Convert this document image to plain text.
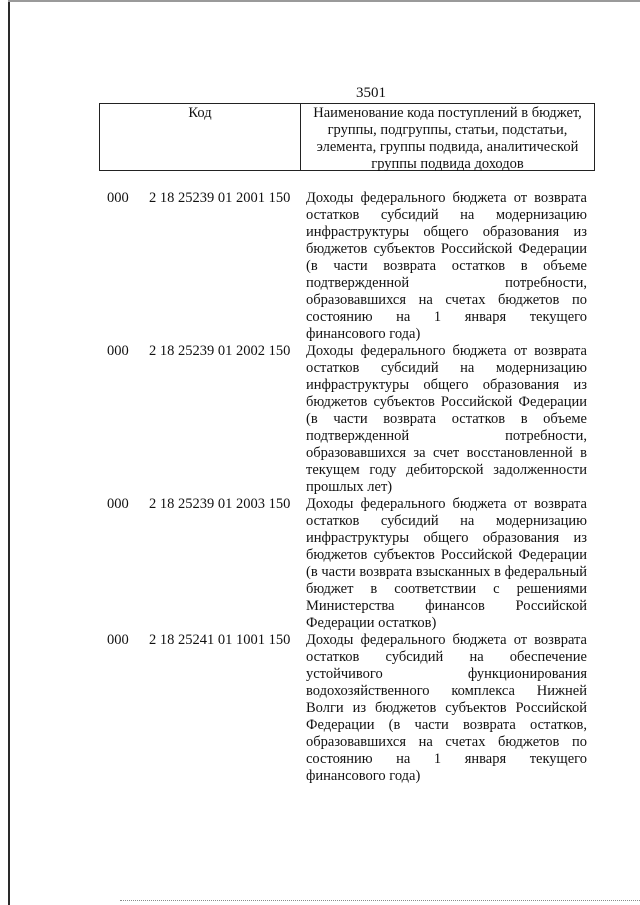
3501
Код	Наименование кода поступлений в бюджет, группы, подгруппы, статьи, подстатьи, элемента, группы подвида, аналитической группы подвида доходов
000	2 18 25239 01 2001 150	Доходы федерального бюджета от возврата остатков субсидий на модернизацию инфраструктуры общего образования из бюджетов субъектов Российской Федерации (в части возврата остатков в объеме подтвержденной потребности, образовавшихся на счетах бюджетов по состоянию на 1 января текущего финансового года)
000	2 18 25239 01 2002 150	Доходы федерального бюджета от возврата остатков субсидий на модернизацию инфраструктуры общего образования из бюджетов субъектов Российской Федерации (в части возврата остатков в объеме подтвержденной потребности, образовавшихся за счет восстановленной в текущем году дебиторской задолженности прошлых лет)
000	2 18 25239 01 2003 150	Доходы федерального бюджета от возврата остатков субсидий на модернизацию инфраструктуры общего образования из бюджетов субъектов Российской Федерации (в части возврата взысканных в федеральный бюджет в соответствии с решениями Министерства финансов Российской Федерации остатков)
000	2 18 25241 01 1001 150	Доходы федерального бюджета от возврата остатков субсидий на обеспечение устойчивого функционирования водохозяйственного комплекса Нижней Волги из бюджетов субъектов Российской Федерации (в части возврата остатков, образовавшихся на счетах бюджетов по состоянию на 1 января текущего финансового года)
